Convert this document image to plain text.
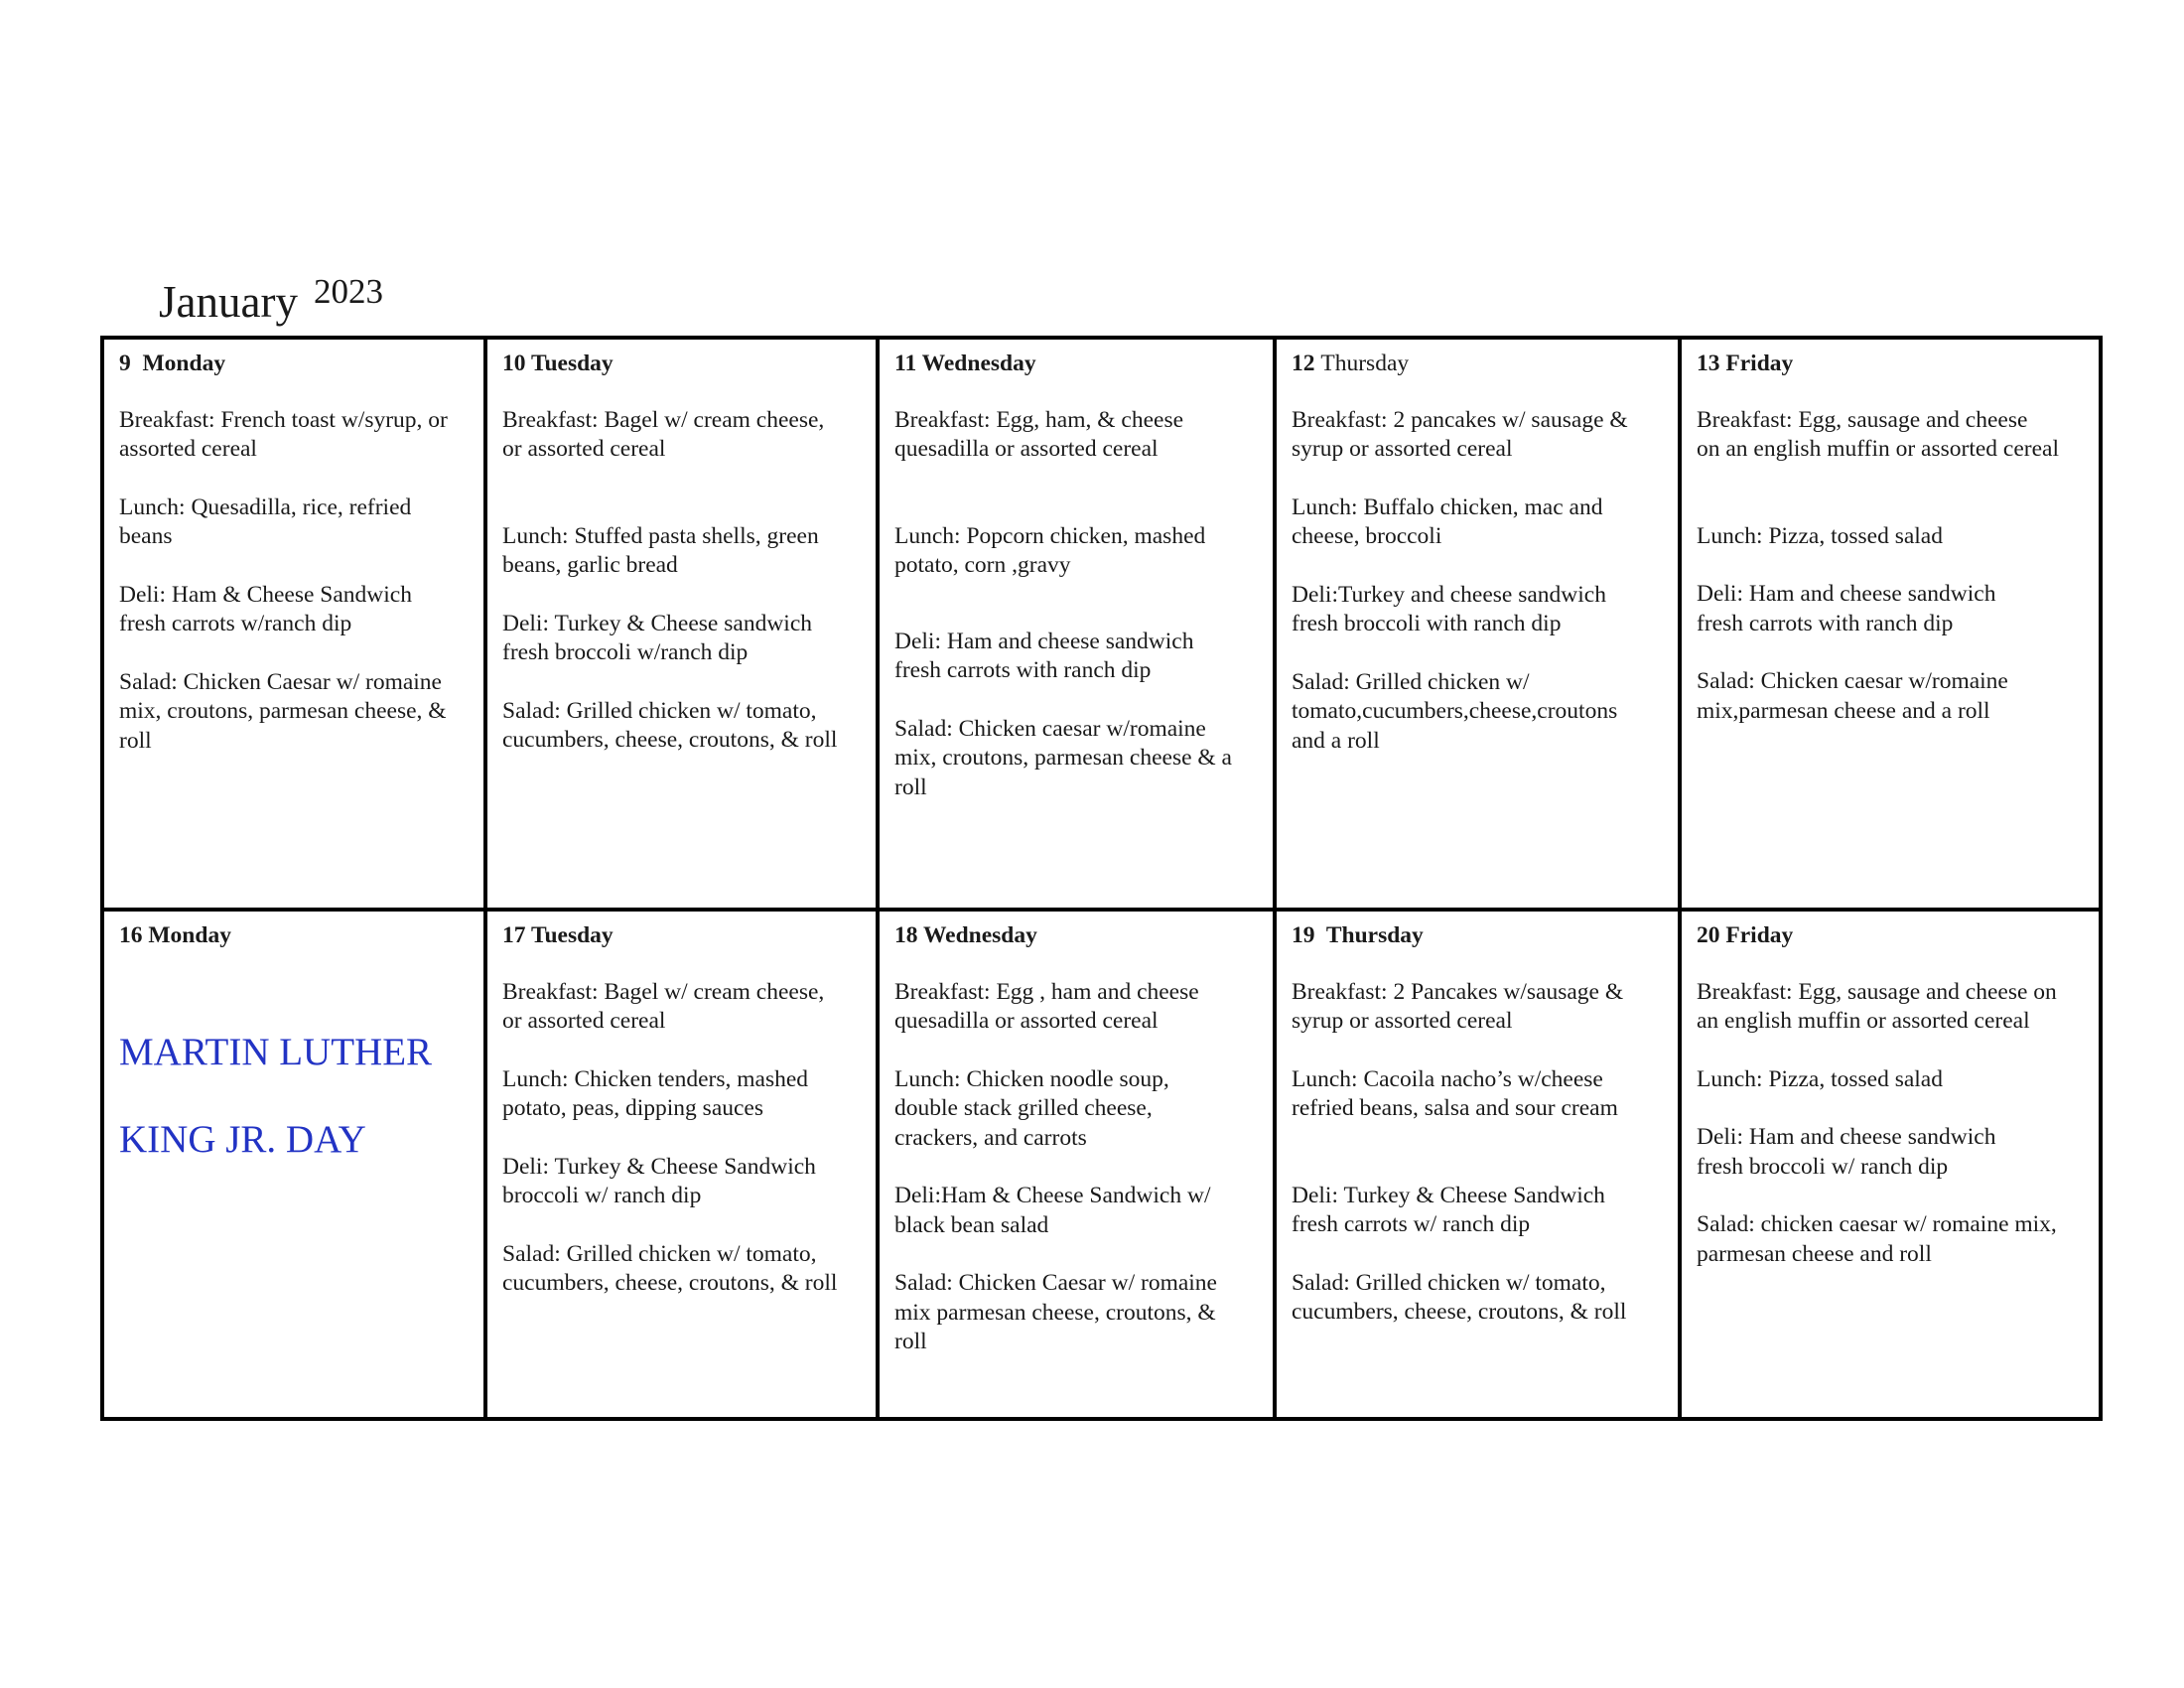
January 2023
9 Monday

Breakfast: French toast w/syrup, or
assorted cereal

Lunch: Quesadilla, rice, refried
beans

Deli: Ham & Cheese Sandwich
fresh carrots w/ranch dip

Salad: Chicken Caesar w/ romaine
mix, croutons, parmesan cheese, &
roll

10 Tuesday

Breakfast: Bagel w/ cream cheese,
or assorted cereal

Lunch: Stuffed pasta shells, green
beans, garlic bread

Deli: Turkey & Cheese sandwich
fresh broccoli w/ranch dip

Salad: Grilled chicken w/ tomato,
cucumbers, cheese, croutons, & roll

11 Wednesday

Breakfast: Egg, ham, & cheese
quesadilla or assorted cereal

Lunch: Popcorn chicken, mashed
potato, corn ,gravy

Deli: Ham and cheese sandwich
fresh carrots with ranch dip

Salad: Chicken caesar w/romaine
mix, croutons, parmesan cheese & a
roll

12 Thursday

Breakfast: 2 pancakes w/ sausage &
syrup or assorted cereal

Lunch: Buffalo chicken, mac and
cheese, broccoli

Deli:Turkey and cheese sandwich
fresh broccoli with ranch dip

Salad: Grilled chicken w/
tomato,cucumbers,cheese,croutons
and a roll

13 Friday

Breakfast: Egg, sausage and cheese
on an english muffin or assorted cereal

Lunch: Pizza, tossed salad

Deli: Ham and cheese sandwich
fresh carrots with ranch dip

Salad: Chicken caesar w/romaine
mix,parmesan cheese and a roll

16 Monday
MARTIN LUTHER
KING JR. DAY
17 Tuesday

Breakfast: Bagel w/ cream cheese,
or assorted cereal

Lunch: Chicken tenders, mashed
potato, peas, dipping sauces

Deli: Turkey & Cheese Sandwich
broccoli w/ ranch dip

Salad: Grilled chicken w/ tomato,
cucumbers, cheese, croutons, & roll

18 Wednesday

Breakfast: Egg , ham and cheese
quesadilla or assorted cereal

Lunch: Chicken noodle soup,
double stack grilled cheese,
crackers, and carrots

Deli:Ham & Cheese Sandwich w/
black bean salad

Salad: Chicken Caesar w/ romaine
mix parmesan cheese, croutons, &
roll

19 Thursday

Breakfast: 2 Pancakes w/sausage &
syrup or assorted cereal

Lunch: Cacoila nacho’s w/cheese
refried beans, salsa and sour cream

Deli: Turkey & Cheese Sandwich
fresh carrots w/ ranch dip

Salad: Grilled chicken w/ tomato,
cucumbers, cheese, croutons, & roll

20 Friday

Breakfast: Egg, sausage and cheese on
an english muffin or assorted cereal

Lunch: Pizza, tossed salad

Deli: Ham and cheese sandwich
fresh broccoli w/ ranch dip

Salad: chicken caesar w/ romaine mix,
parmesan cheese and roll
